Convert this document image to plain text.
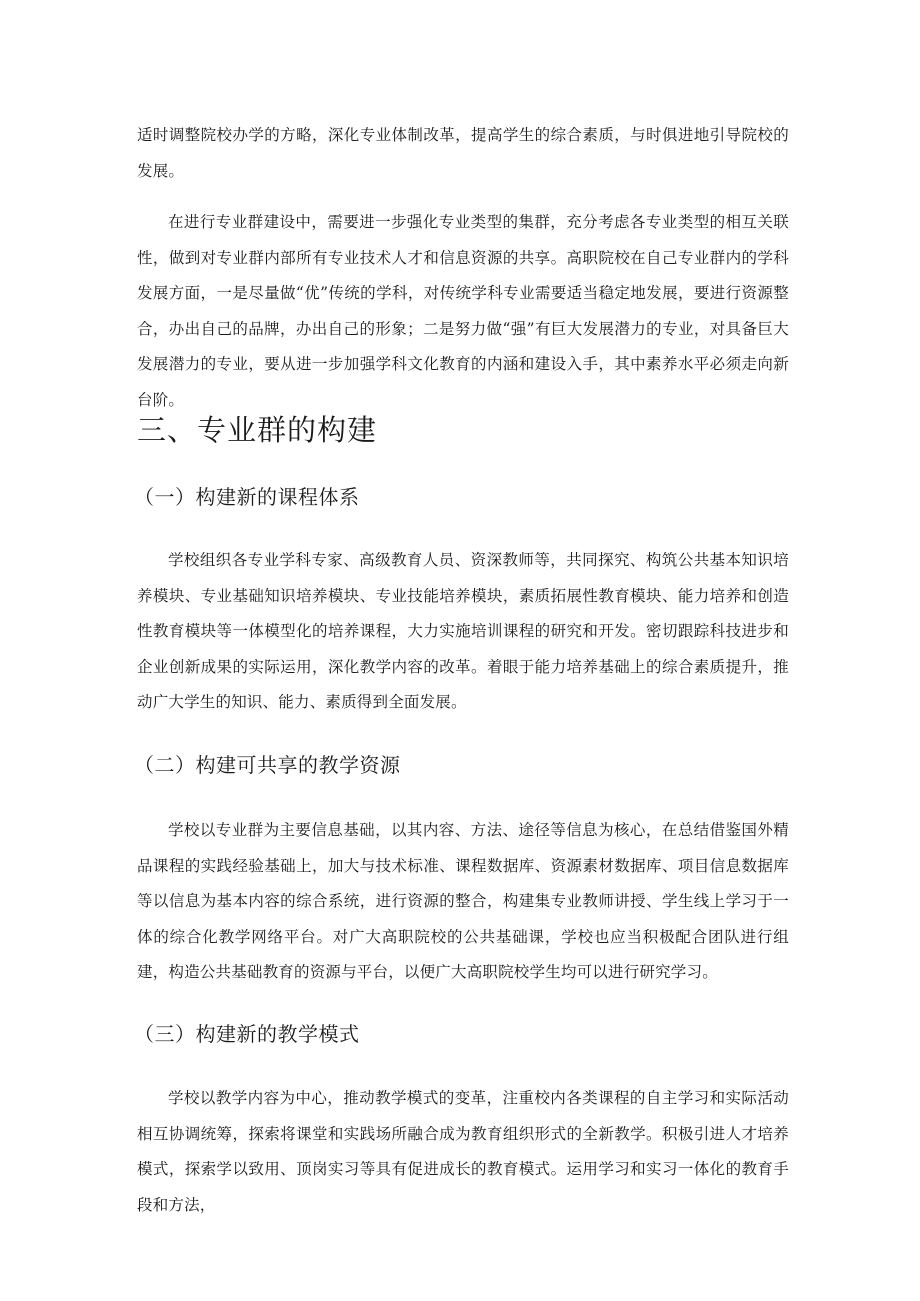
适时调整院校办学的方略，深化专业体制改革，提高学生的综合素质，与时俱进地引导院校的发展。

在进行专业群建设中，需要进一步强化专业类型的集群，充分考虑各专业类型的相互关联性，做到对专业群内部所有专业技术人才和信息资源的共享。高职院校在自己专业群内的学科发展方面，一是尽量做“优”传统的学科，对传统学科专业需要适当稳定地发展，要进行资源整合，办出自己的品牌，办出自己的形象；二是努力做“强”有巨大发展潜力的专业，对具备巨大发展潜力的专业，要从进一步加强学科文化教育的内涵和建设入手，其中素养水平必须走向新台阶。

三、专业群的构建
（一）构建新的课程体系

学校组织各专业学科专家、高级教育人员、资深教师等，共同探究、构筑公共基本知识培养模块、专业基础知识培养模块、专业技能培养模块，素质拓展性教育模块、能力培养和创造性教育模块等一体模型化的培养课程，大力实施培训课程的研究和开发。密切跟踪科技进步和企业创新成果的实际运用，深化教学内容的改革。着眼于能力培养基础上的综合素质提升，推动广大学生的知识、能力、素质得到全面发展。

（二）构建可共享的教学资源

学校以专业群为主要信息基础，以其内容、方法、途径等信息为核心，在总结借鉴国外精品课程的实践经验基础上，加大与技术标准、课程数据库、资源素材数据库、项目信息数据库等以信息为基本内容的综合系统，进行资源的整合，构建集专业教师讲授、学生线上学习于一体的综合化教学网络平台。对广大高职院校的公共基础课，学校也应当积极配合团队进行组建，构造公共基础教育的资源与平台，以便广大高职院校学生均可以进行研究学习。

（三）构建新的教学模式

学校以教学内容为中心，推动教学模式的变革，注重校内各类课程的自主学习和实际活动相互协调统筹，探索将课堂和实践场所融合成为教育组织形式的全新教学。积极引进人才培养模式，探索学以致用、顶岗实习等具有促进成长的教育模式。运用学习和实习一体化的教育手段和方法，
